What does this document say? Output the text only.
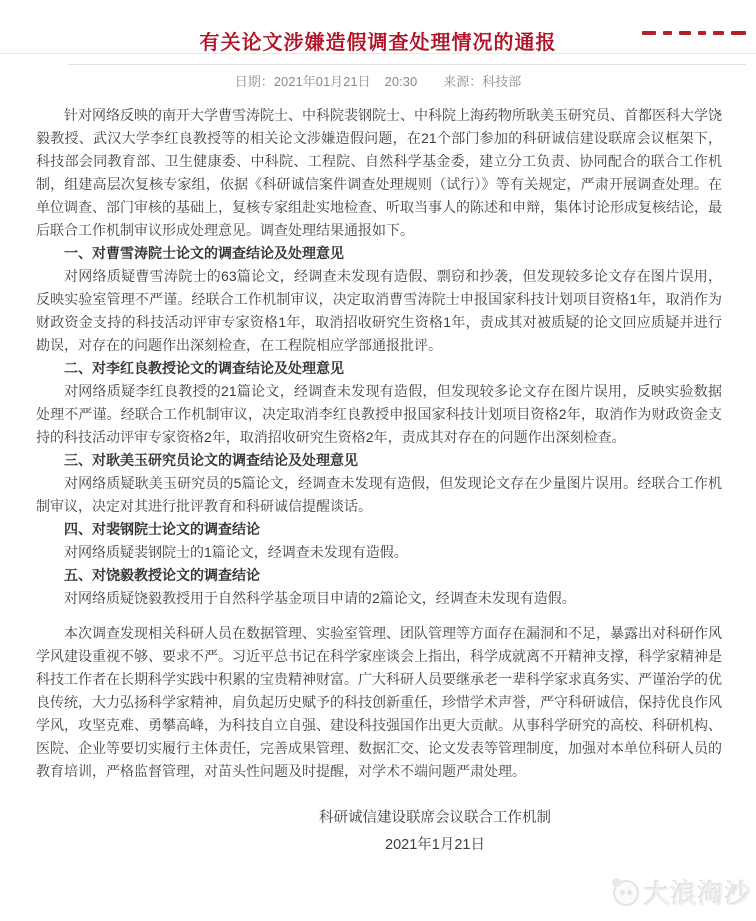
有关论文涉嫌造假调查处理情况的通报
日期：2021年01月21日 20:30 来源：科技部

针对网络反映的南开大学曹雪涛院士、中科院裴钢院士、中科院上海药物所耿美玉研究员、首都医科大学饶毅教授、武汉大学李红良教授等的相关论文涉嫌造假问题，在21个部门参加的科研诚信建设联席会议框架下，科技部会同教育部、卫生健康委、中科院、工程院、自然科学基金委，建立分工负责、协同配合的联合工作机制，组建高层次复核专家组，依据《科研诚信案件调查处理规则（试行）》等有关规定，严肃开展调查处理。在单位调查、部门审核的基础上，复核专家组赴实地检查、听取当事人的陈述和申辩，集体讨论形成复核结论，最后联合工作机制审议形成处理意见。调查处理结果通报如下。

一、对曹雪涛院士论文的调查结论及处理意见

对网络质疑曹雪涛院士的63篇论文，经调查未发现有造假、剽窃和抄袭，但发现较多论文存在图片误用，反映实验室管理不严谨。经联合工作机制审议，决定取消曹雪涛院士申报国家科技计划项目资格1年，取消作为财政资金支持的科技活动评审专家资格1年，取消招收研究生资格1年，责成其对被质疑的论文回应质疑并进行勘误，对存在的问题作出深刻检查，在工程院相应学部通报批评。

二、对李红良教授论文的调查结论及处理意见

对网络质疑李红良教授的21篇论文，经调查未发现有造假，但发现较多论文存在图片误用，反映实验数据处理不严谨。经联合工作机制审议，决定取消李红良教授申报国家科技计划项目资格2年，取消作为财政资金支持的科技活动评审专家资格2年，取消招收研究生资格2年，责成其对存在的问题作出深刻检查。

三、对耿美玉研究员论文的调查结论及处理意见

对网络质疑耿美玉研究员的5篇论文，经调查未发现有造假，但发现论文存在少量图片误用。经联合工作机制审议，决定对其进行批评教育和科研诚信提醒谈话。

四、对裴钢院士论文的调查结论

对网络质疑裴钢院士的1篇论文，经调查未发现有造假。

五、对饶毅教授论文的调查结论

对网络质疑饶毅教授用于自然科学基金项目申请的2篇论文，经调查未发现有造假。

本次调查发现相关科研人员在数据管理、实验室管理、团队管理等方面存在漏洞和不足，暴露出对科研作风学风建设重视不够、要求不严。习近平总书记在科学家座谈会上指出，科学成就离不开精神支撑，科学家精神是科技工作者在长期科学实践中积累的宝贵精神财富。广大科研人员要继承老一辈科学家求真务实、严谨治学的优良传统，大力弘扬科学家精神，肩负起历史赋予的科技创新重任，珍惜学术声誉，严守科研诚信，保持优良作风学风，攻坚克难、勇攀高峰，为科技自立自强、建设科技强国作出更大贡献。从事科学研究的高校、科研机构、医院、企业等要切实履行主体责任，完善成果管理、数据汇交、论文发表等管理制度，加强对本单位科研人员的教育培训，严格监督管理，对苗头性问题及时提醒，对学术不端问题严肃处理。

科研诚信建设联席会议联合工作机制
2021年1月21日
大浪淘沙
